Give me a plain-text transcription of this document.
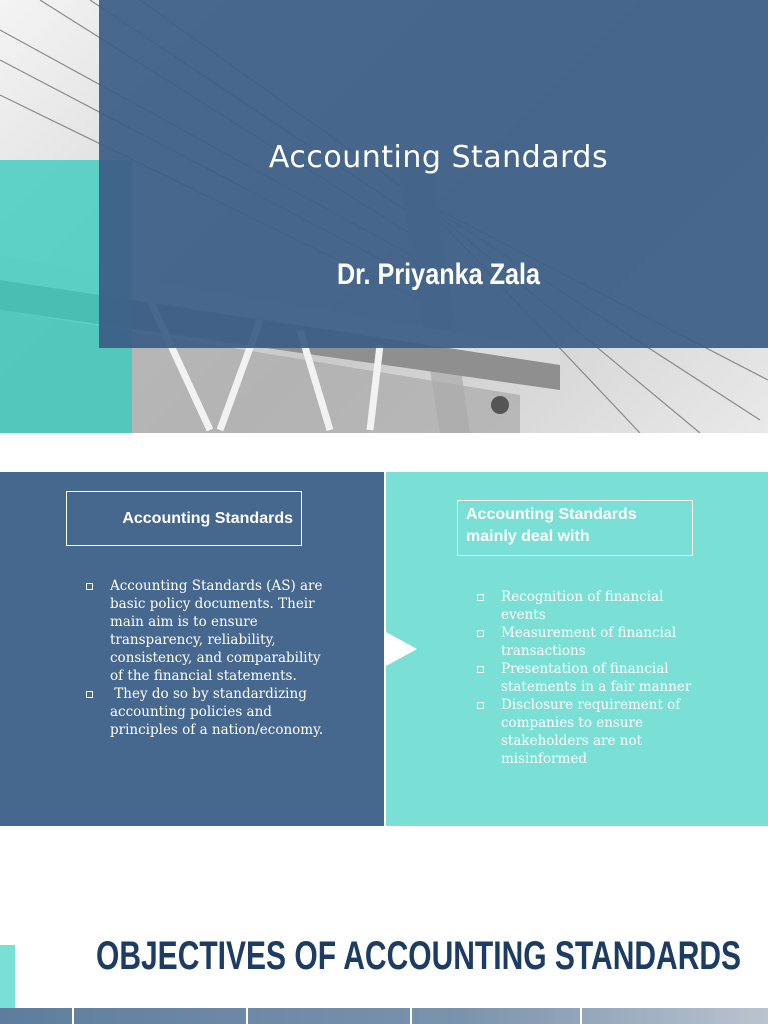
Accounting Standards
Dr. Priyanka Zala
Accounting Standards	Accounting Standards mainly deal with
Accounting Standards (AS) are basic policy documents. Their main aim is to ensure transparency, reliability, consistency, and comparability of the financial statements.
They do so by standardizing accounting policies and principles of a nation/economy.
Recognition of financial events
Measurement of financial transactions
Presentation of financial statements in a fair manner
Disclosure requirement of companies to ensure stakeholders are not misinformed
OBJECTIVES OF ACCOUNTING STANDARDS
